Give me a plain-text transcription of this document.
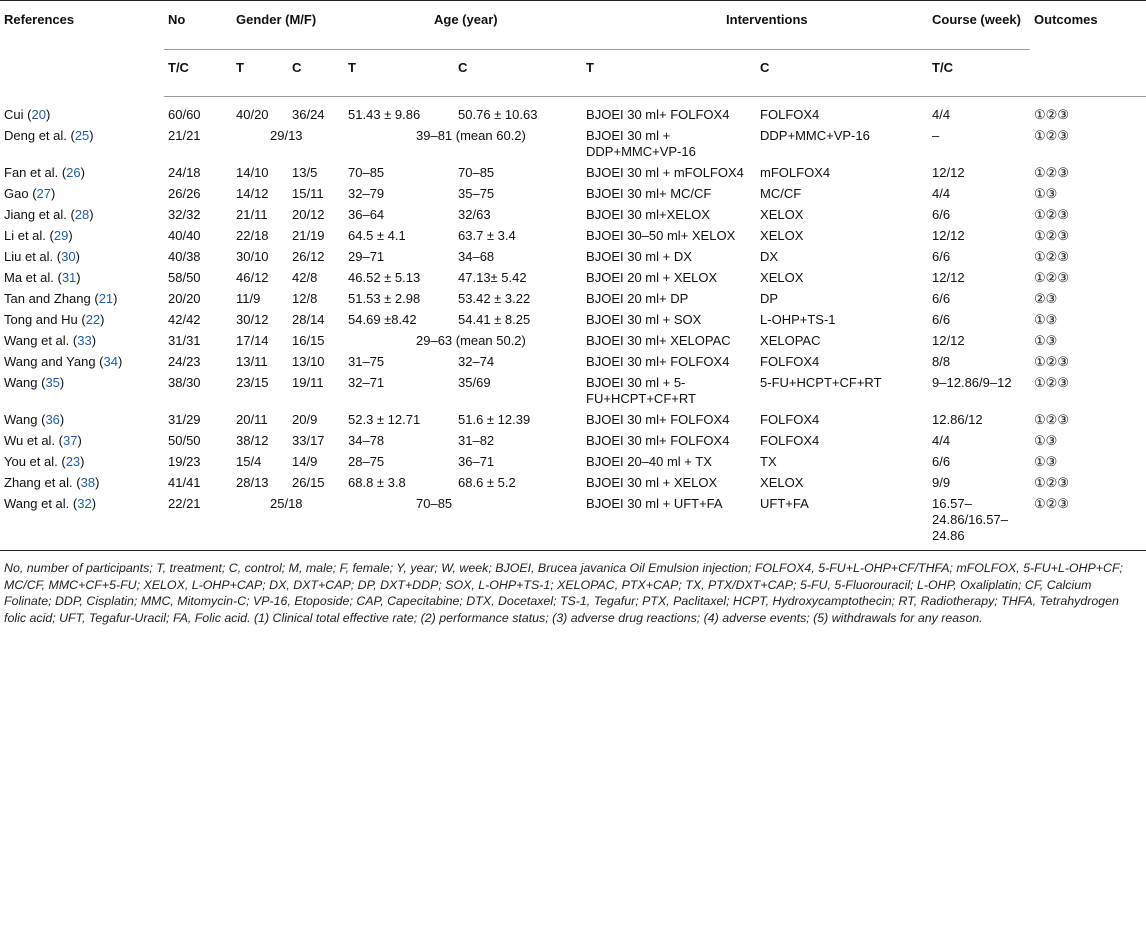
References	No	Gender (M/F)		Age (year)		Interventions		Course (week)	Outcomes
	T/C	T	C	T	C	T	C	T/C	
Cui (20)	60/60	40/20	36/24	51.43 ± 9.86	50.76 ± 10.63	BJOEI 30 ml+ FOLFOX4	FOLFOX4	4/4	①②③
Deng et al. (25)	21/21	29/13		39–81 (mean 60.2)		BJOEI 30 ml + DDP+MMC+VP-16	DDP+MMC+VP-16	–	①②③
Fan et al. (26)	24/18	14/10	13/5	70–85	70–85	BJOEI 30 ml + mFOLFOX4	mFOLFOX4	12/12	①②③
Gao (27)	26/26	14/12	15/11	32–79	35–75	BJOEI 30 ml+ MC/CF	MC/CF	4/4	①③
Jiang et al. (28)	32/32	21/11	20/12	36–64	32/63	BJOEI 30 ml+XELOX	XELOX	6/6	①②③
Li et al. (29)	40/40	22/18	21/19	64.5 ± 4.1	63.7 ± 3.4	BJOEI 30–50 ml+ XELOX	XELOX	12/12	①②③
Liu et al. (30)	40/38	30/10	26/12	29–71	34–68	BJOEI 30 ml + DX	DX	6/6	①②③
Ma et al. (31)	58/50	46/12	42/8	46.52 ± 5.13	47.13± 5.42	BJOEI 20 ml + XELOX	XELOX	12/12	①②③
Tan and Zhang (21)	20/20	11/9	12/8	51.53 ± 2.98	53.42 ± 3.22	BJOEI 20 ml+ DP	DP	6/6	②③
Tong and Hu (22)	42/42	30/12	28/14	54.69 ±8.42	54.41 ± 8.25	BJOEI 30 ml + SOX	L-OHP+TS-1	6/6	①③
Wang et al. (33)	31/31	17/14	16/15	29–63 (mean 50.2)		BJOEI 30 ml+ XELOPAC	XELOPAC	12/12	①③
Wang and Yang (34)	24/23	13/11	13/10	31–75	32–74	BJOEI 30 ml+ FOLFOX4	FOLFOX4	8/8	①②③
Wang (35)	38/30	23/15	19/11	32–71	35/69	BJOEI 30 ml + 5-FU+HCPT+CF+RT	5-FU+HCPT+CF+RT	9–12.86/9–12	①②③
Wang (36)	31/29	20/11	20/9	52.3 ± 12.71	51.6 ± 12.39	BJOEI 30 ml+ FOLFOX4	FOLFOX4	12.86/12	①②③
Wu et al. (37)	50/50	38/12	33/17	34–78	31–82	BJOEI 30 ml+ FOLFOX4	FOLFOX4	4/4	①③
You et al. (23)	19/23	15/4	14/9	28–75	36–71	BJOEI 20–40 ml + TX	TX	6/6	①③
Zhang et al. (38)	41/41	28/13	26/15	68.8 ± 3.8	68.6 ± 5.2	BJOEI 30 ml + XELOX	XELOX	9/9	①②③
Wang et al. (32)	22/21	25/18		70–85		BJOEI 30 ml + UFT+FA	UFT+FA	16.57–24.86/16.57–24.86	①②③
No, number of participants; T, treatment; C, control; M, male; F, female; Y, year; W, week; BJOEI, Brucea javanica Oil Emulsion injection; FOLFOX4, 5-FU+L-OHP+CF/THFA; mFOLFOX, 5-FU+L-OHP+CF; MC/CF, MMC+CF+5-FU; XELOX, L-OHP+CAP; DX, DXT+CAP; DP, DXT+DDP; SOX, L-OHP+TS-1; XELOPAC, PTX+CAP; TX, PTX/DXT+CAP; 5-FU, 5-Fluorouracil; L-OHP, Oxaliplatin; CF, Calcium Folinate; DDP, Cisplatin; MMC, Mitomycin-C; VP-16, Etoposide; CAP, Capecitabine; DTX, Docetaxel; TS-1, Tegafur; PTX, Paclitaxel; HCPT, Hydroxycamptothecin; RT, Radiotherapy; THFA, Tetrahydrogen folic acid; UFT, Tegafur-Uracil; FA, Folic acid. (1) Clinical total effective rate; (2) performance status; (3) adverse drug reactions; (4) adverse events; (5) withdrawals for any reason.
